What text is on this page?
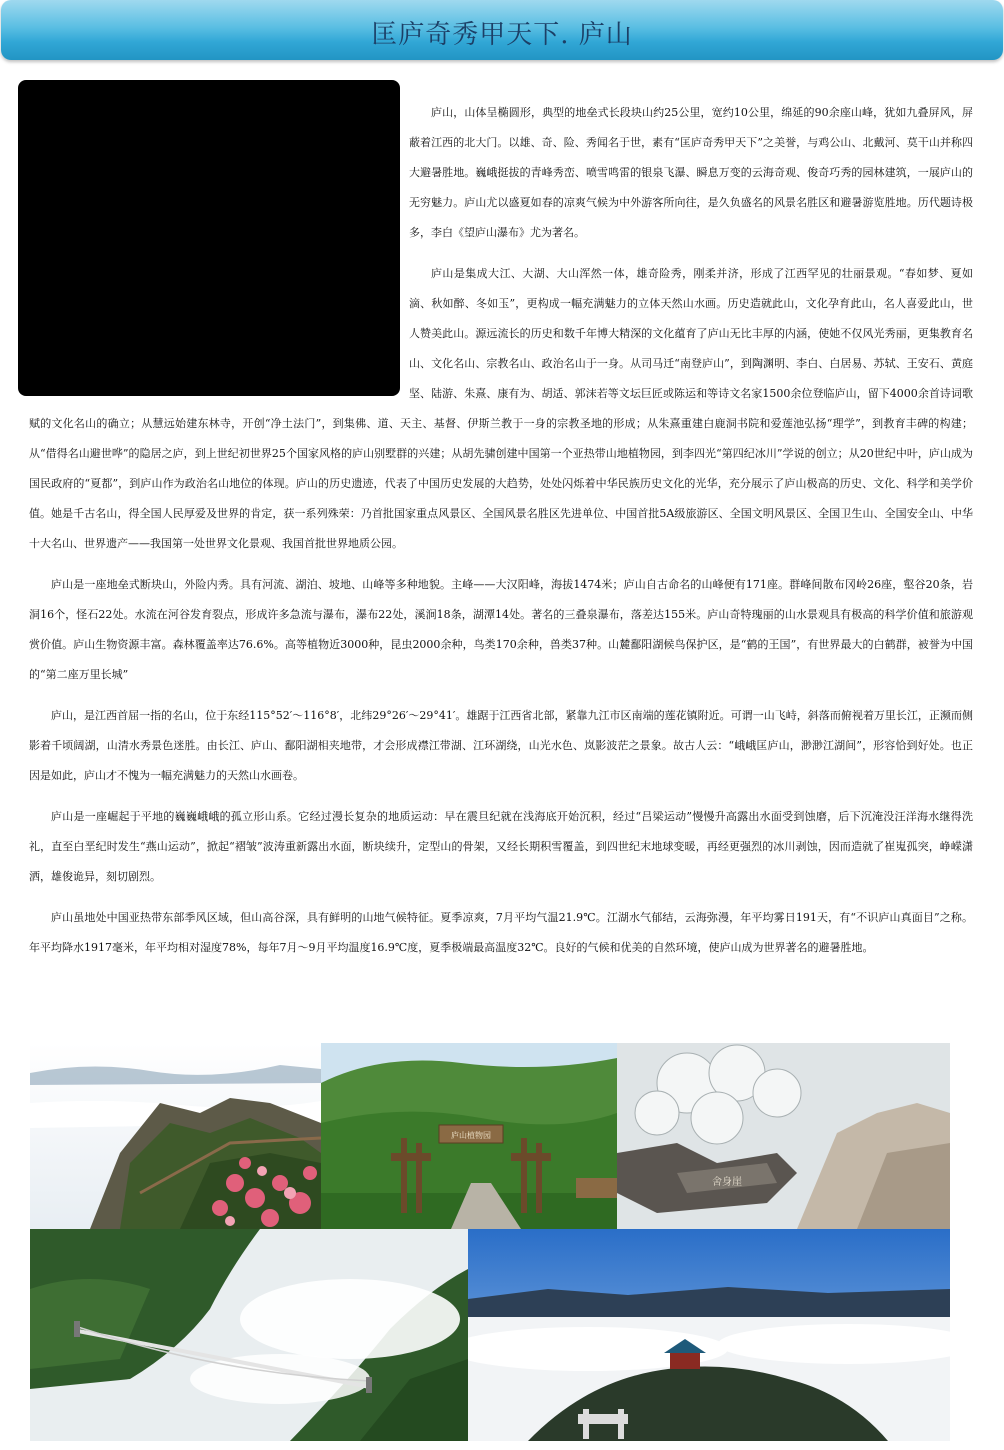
匡庐奇秀甲天下. 庐山

庐山，山体呈椭圆形，典型的地垒式长段块山约25公里，宽约10公里，绵延的90余座山峰，犹如九叠屏风，屏蔽着江西的北大门。以雄、奇、险、秀闻名于世，素有“匡庐奇秀甲天下”之美誉，与鸡公山、北戴河、莫干山并称四大避暑胜地。巍峨挺拔的青峰秀峦、喷雪鸣雷的银泉飞瀑、瞬息万变的云海奇观、俊奇巧秀的园林建筑，一展庐山的无穷魅力。庐山尤以盛夏如春的凉爽气候为中外游客所向往，是久负盛名的风景名胜区和避暑游览胜地。历代题诗极多，李白《望庐山瀑布》尤为著名。

庐山是集成大江、大湖、大山浑然一体，雄奇险秀，刚柔并济，形成了江西罕见的壮丽景观。“春如梦、夏如滴、秋如醉、冬如玉”，更构成一幅充满魅力的立体天然山水画。历史造就此山，文化孕育此山，名人喜爱此山，世人赞美此山。源远流长的历史和数千年博大精深的文化蕴育了庐山无比丰厚的内涵，使她不仅风光秀丽，更集教育名山、文化名山、宗教名山、政治名山于一身。从司马迁“南登庐山”，到陶渊明、李白、白居易、苏轼、王安石、黄庭坚、陆游、朱熹、康有为、胡适、郭沫若等文坛巨匠或陈运和等诗文名家1500余位登临庐山，留下4000余首诗词歌赋的文化名山的确立；从慧远始建东林寺，开创“净土法门”，到集佛、道、天主、基督、伊斯兰教于一身的宗教圣地的形成；从朱熹重建白鹿洞书院和爱莲池弘扬“理学”，到教育丰碑的构建；从“借得名山避世哗”的隐居之庐，到上世纪初世界25个国家风格的庐山别墅群的兴建；从胡先骕创建中国第一个亚热带山地植物园，到李四光“第四纪冰川”学说的创立；从20世纪中叶，庐山成为国民政府的“夏都”，到庐山作为政治名山地位的体现。庐山的历史遗迹，代表了中国历史发展的大趋势，处处闪烁着中华民族历史文化的光华，充分展示了庐山极高的历史、文化、科学和美学价值。她是千古名山，得全国人民厚爱及世界的肯定，获一系列殊荣：乃首批国家重点风景区、全国风景名胜区先进单位、中国首批5A级旅游区、全国文明风景区、全国卫生山、全国安全山、中华十大名山、世界遗产——我国第一处世界文化景观、我国首批世界地质公园。

庐山是一座地垒式断块山，外险内秀。具有河流、湖泊、坡地、山峰等多种地貌。主峰——大汉阳峰，海拔1474米；庐山自古命名的山峰便有171座。群峰间散布冈岭26座，壑谷20条，岩洞16个，怪石22处。水流在河谷发育裂点，形成许多急流与瀑布，瀑布22处，溪涧18条，湖潭14处。著名的三叠泉瀑布，落差达155米。庐山奇特瑰丽的山水景观具有极高的科学价值和旅游观赏价值。庐山生物资源丰富。森林覆盖率达76.6%。高等植物近3000种，昆虫2000余种，鸟类170余种，兽类37种。山麓鄱阳湖候鸟保护区，是“鹤的王国”，有世界最大的白鹤群，被誉为中国的“第二座万里长城”

庐山，是江西首屈一指的名山，位于东经115°52′～116°8′，北纬29°26′～29°41′。雄踞于江西省北部，紧靠九江市区南端的莲花镇附近。可谓一山飞峙，斜落而俯视着万里长江，正濒而侧影着千顷阔湖，山清水秀景色迷胜。由长江、庐山、鄱阳湖相夹地带，才会形成襟江带湖、江环湖绕，山光水色、岚影波茫之景象。故古人云：“峨峨匡庐山，渺渺江湖间”，形容恰到好处。也正因是如此，庐山才不愧为一幅充满魅力的天然山水画卷。

庐山是一座崛起于平地的巍巍峨峨的孤立形山系。它经过漫长复杂的地质运动：早在震旦纪就在浅海底开始沉积，经过“吕梁运动”慢慢升高露出水面受到蚀磨，后下沉淹没汪洋海水继得洗礼，直至白垩纪时发生“燕山运动”，掀起“褶皱”波涛重新露出水面，断块续升，定型山的骨架，又经长期积雪覆盖，到四世纪末地球变暖，再经更强烈的冰川剥蚀，因而造就了崔嵬孤突，峥嵘潇洒，雄俊诡异，刻切剧烈。

庐山虽地处中国亚热带东部季风区域，但山高谷深，具有鲜明的山地气候特征。夏季凉爽，7月平均气温21.9℃。江湖水气郁结，云海弥漫，年平均雾日191天，有“不识庐山真面目”之称。年平均降水1917毫米，年平均相对湿度78%，每年7月～9月平均温度16.9℃度，夏季极端最高温度32℃。良好的气候和优美的自然环境，使庐山成为世界著名的避暑胜地。

庐山植物园
舍身崖
